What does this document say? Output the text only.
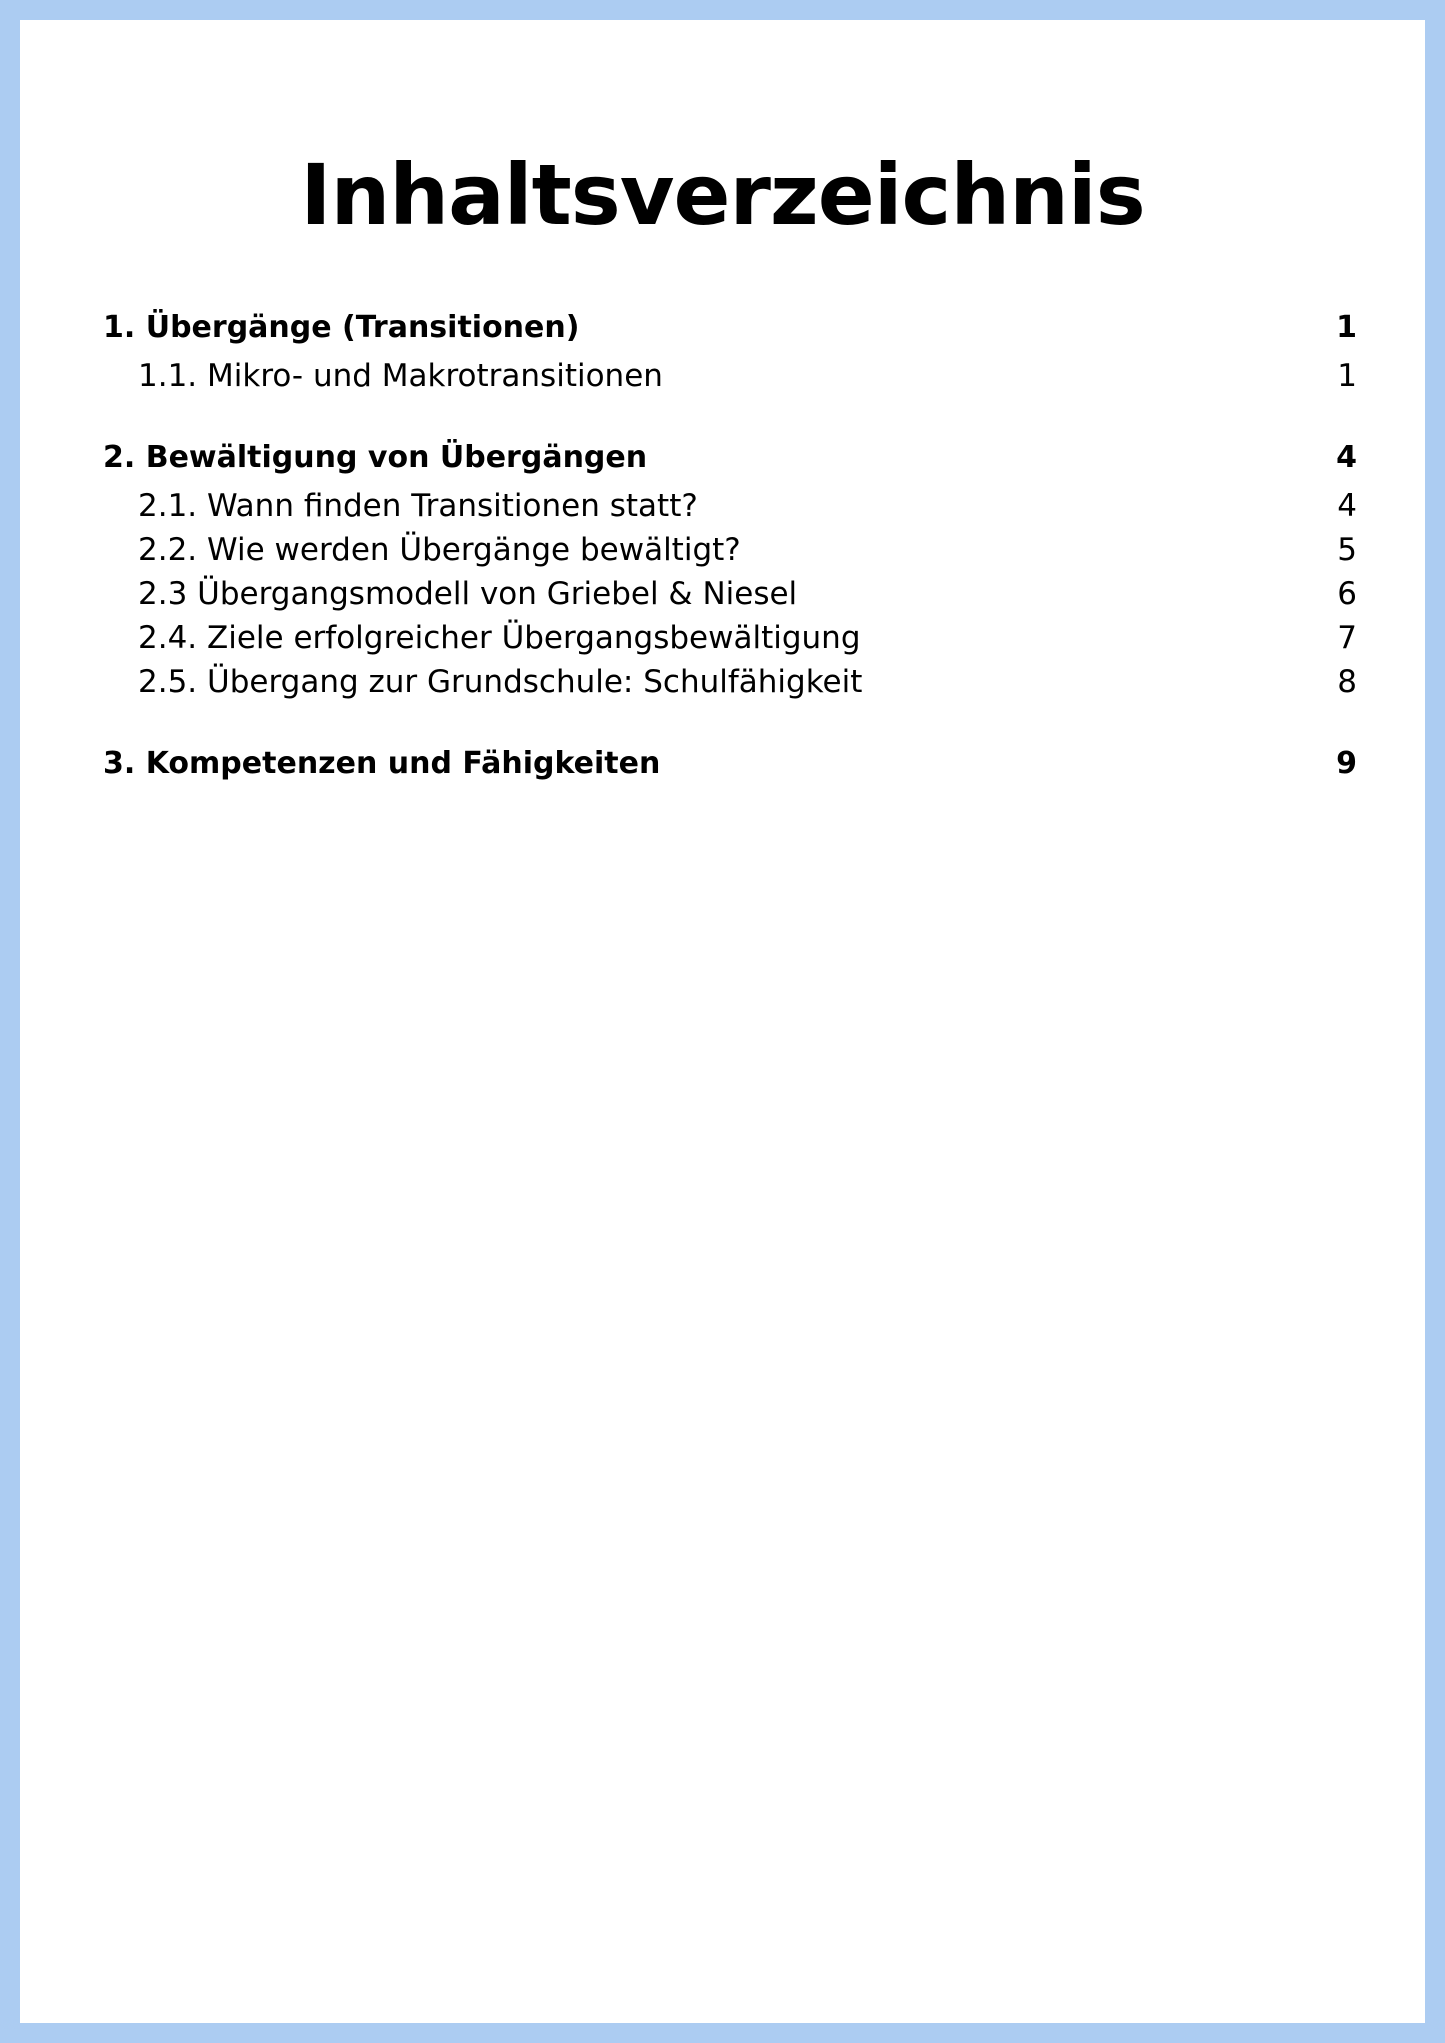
Inhaltsverzeichnis
1. Übergänge (Transitionen)	1
1.1. Mikro- und Makrotransitionen	1
2. Bewältigung von Übergängen	4
2.1. Wann finden Transitionen statt?	4
2.2. Wie werden Übergänge bewältigt?	5
2.3 Übergangsmodell von Griebel & Niesel	6
2.4. Ziele erfolgreicher Übergangsbewältigung	7
2.5. Übergang zur Grundschule: Schulfähigkeit	8
3. Kompetenzen und Fähigkeiten	9
